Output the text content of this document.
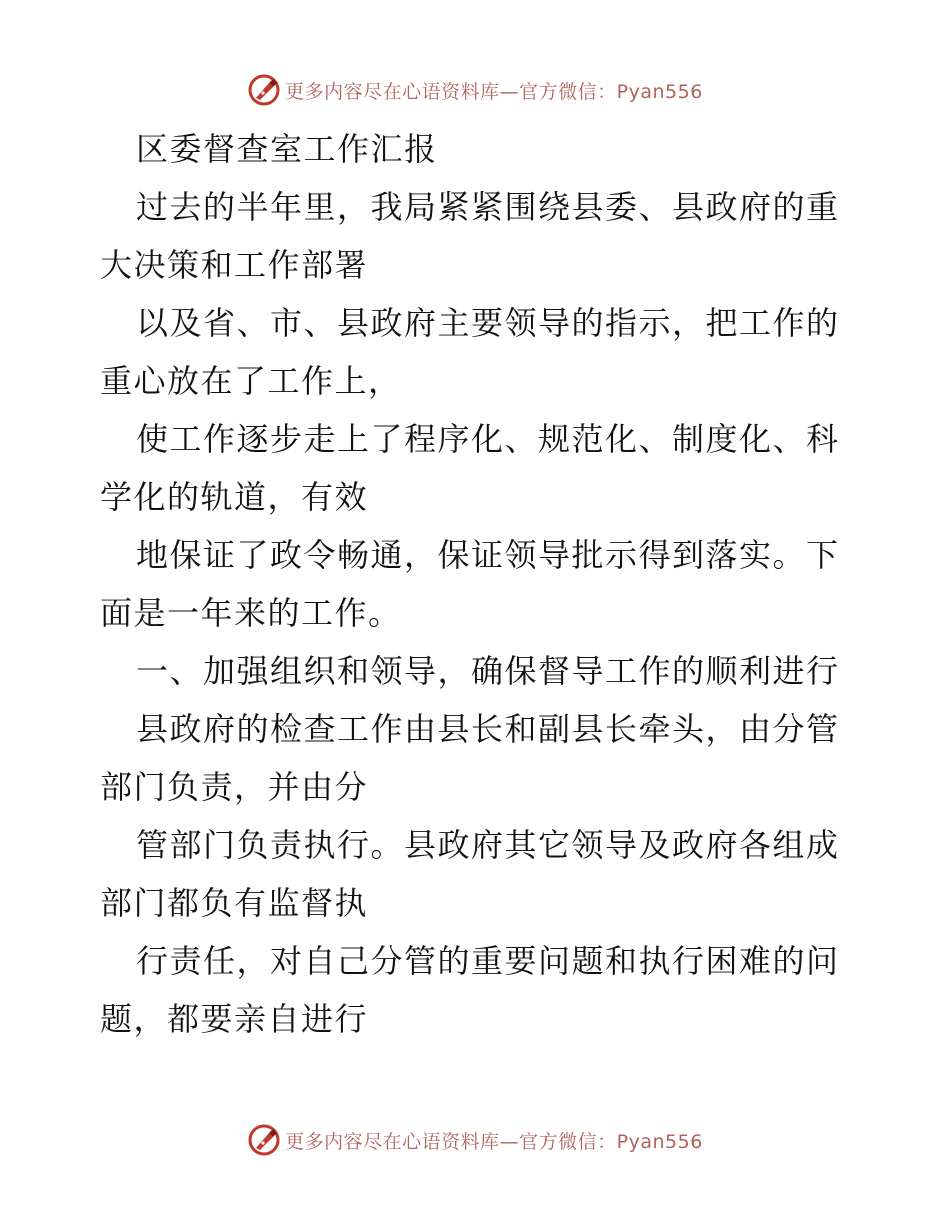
更多内容尽在心语资料库—官方微信：Pyan556

区委督查室工作汇报

过去的半年里，我局紧紧围绕县委、县政府的重

大决策和工作部署

以及省、市、县政府主要领导的指示，把工作的

重心放在了工作上，

使工作逐步走上了程序化、规范化、制度化、科

学化的轨道，有效

地保证了政令畅通，保证领导批示得到落实。下

面是一年来的工作。

一、加强组织和领导，确保督导工作的顺利进行

县政府的检查工作由县长和副县长牵头，由分管

部门负责，并由分

管部门负责执行。县政府其它领导及政府各组成

部门都负有监督执

行责任，对自己分管的重要问题和执行困难的问

题，都要亲自进行

更多内容尽在心语资料库—官方微信：Pyan556
